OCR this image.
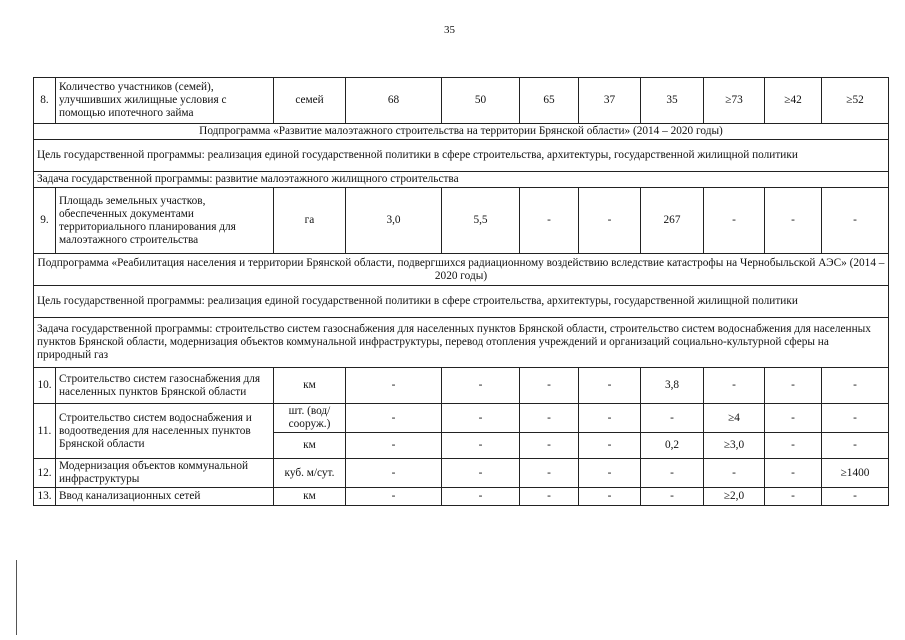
35
8.	Количество участников (семей), улучшивших жилищные условия с помощью ипотечного займа	семей	68	50	65	37	35	≥73	≥42	≥52
Подпрограмма «Развитие малоэтажного строительства на территории Брянской области» (2014 – 2020 годы)										
Цель государственной программы: реализация единой государственной политики в сфере строительства, архитектуры, государственной жилищной политики										
Задача государственной программы: развитие малоэтажного жилищного строительства										
9.	Площадь земельных участков, обеспеченных документами территориального планирования для малоэтажного строительства	га	3,0	5,5	-	-	267	-	-	-
Подпрограмма «Реабилитация населения и территории Брянской области, подвергшихся радиационному воздействию вследствие катастрофы на Чернобыльской АЭС» (2014 – 2020 годы)										
Цель государственной программы: реализация единой государственной политики в сфере строительства, архитектуры, государственной жилищной политики										
Задача государственной программы: строительство систем газоснабжения для населенных пунктов Брянской области, строительство систем водоснабжения для населенных пунктов Брянской области, модернизация объектов коммунальной инфраструктуры, перевод отопления учреждений и организаций социально-культурной сферы на природный газ										
10.	Строительство систем газоснабжения для населенных пунктов Брянской области	км	-	-	-	-	3,8	-	-	-
11.	Строительство систем водоснабжения и водоотведения для населенных пунктов Брянской области	шт. (вод/ сооруж.)	-	-	-	-	-	≥4	-	-
		км	-	-	-	-	0,2	≥3,0	-	-
12.	Модернизация объектов коммунальной инфраструктуры	куб. м/сут.	-	-	-	-	-	-	-	≥1400
13.	Ввод канализационных сетей	км	-	-	-	-	-	≥2,0	-	-
